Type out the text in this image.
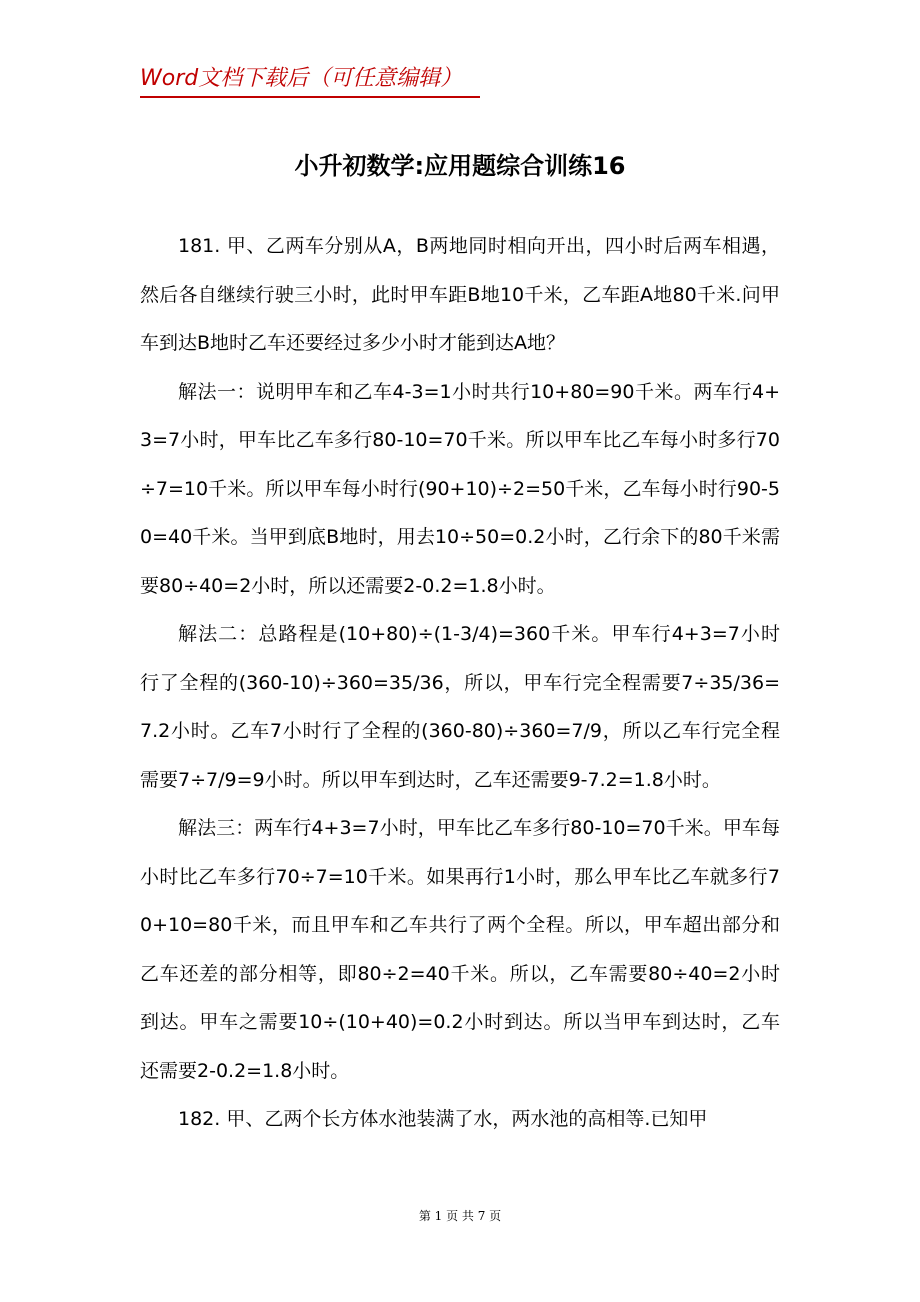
Word文档下载后（可任意编辑）
小升初数学:应用题综合训练16

181. 甲、乙两车分别从A，B两地同时相向开出，四小时后两车相遇，然后各自继续行驶三小时，此时甲车距B地10千米，乙车距A地80千米.问甲车到达B地时乙车还要经过多少小时才能到达A地？

解法一：说明甲车和乙车4-3=1小时共行10+80=90千米。两车行4+3=7小时，甲车比乙车多行80-10=70千米。所以甲车比乙车每小时多行70÷7=10千米。所以甲车每小时行(90+10)÷2=50千米，乙车每小时行90-50=40千米。当甲到底B地时，用去10÷50=0.2小时，乙行余下的80千米需要80÷40=2小时，所以还需要2-0.2=1.8小时。

解法二：总路程是(10+80)÷(1-3/4)=360千米。甲车行4+3=7小时行了全程的(360-10)÷360=35/36，所以，甲车行完全程需要7÷35/36=7.2小时。乙车7小时行了全程的(360-80)÷360=7/9，所以乙车行完全程需要7÷7/9=9小时。所以甲车到达时，乙车还需要9-7.2=1.8小时。

解法三：两车行4+3=7小时，甲车比乙车多行80-10=70千米。甲车每小时比乙车多行70÷7=10千米。如果再行1小时，那么甲车比乙车就多行70+10=80千米，而且甲车和乙车共行了两个全程。所以，甲车超出部分和乙车还差的部分相等，即80÷2=40千米。所以，乙车需要80÷40=2小时到达。甲车之需要10÷(10+40)=0.2小时到达。所以当甲车到达时，乙车还需要2-0.2=1.8小时。

182. 甲、乙两个长方体水池装满了水，两水池的高相等.已知甲

第 1 页 共 7 页
